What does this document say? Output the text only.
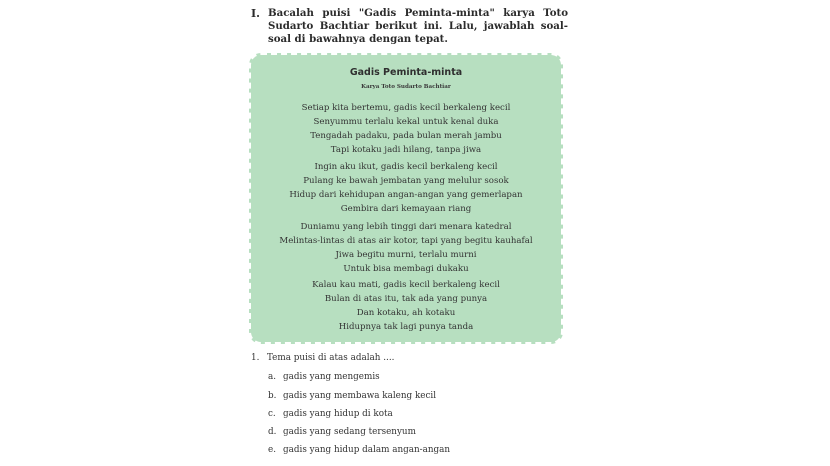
I. Bacalah puisi "Gadis Peminta-minta" karya Toto Sudarto Bachtiar berikut ini. Lalu, jawablah soal-soal di bawahnya dengan tepat.
Gadis Peminta-minta
Karya Toto Sudarto Bachtiar
Setiap kita bertemu, gadis kecil berkaleng kecil
Senyummu terlalu kekal untuk kenal duka
Tengadah padaku, pada bulan merah jambu
Tapi kotaku jadi hilang, tanpa jiwa
Ingin aku ikut, gadis kecil berkaleng kecil
Pulang ke bawah jembatan yang melulur sosok
Hidup dari kehidupan angan-angan yang gemerlapan
Gembira dari kemayaan riang
Duniamu yang lebih tinggi dari menara katedral
Melintas-lintas di atas air kotor, tapi yang begitu kauhafal
Jiwa begitu murni, terlalu murni
Untuk bisa membagi dukaku
Kalau kau mati, gadis kecil berkaleng kecil
Bulan di atas itu, tak ada yang punya
Dan kotaku, ah kotaku
Hidupnya tak lagi punya tanda
1. Tema puisi di atas adalah ....
a. gadis yang mengemis
b. gadis yang membawa kaleng kecil
c. gadis yang hidup di kota
d. gadis yang sedang tersenyum
e. gadis yang hidup dalam angan-angan
